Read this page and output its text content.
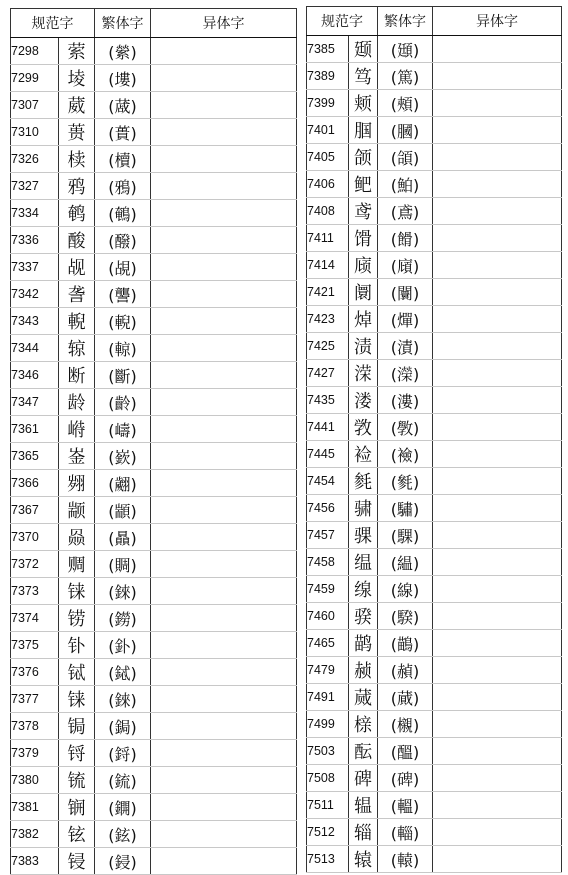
规范字		繁体字	异体字
7298	萦	(縈)	
7299	堎	(塿)	
7307	葳	(蒧)	
7310	蒉	(蕢)	
7326	椟	(櫝)	
7327	鸦	(鴉)	
7334	鹌	(鵪)	
7336	酸	(醱)	
7337	觇	(覘)	
7342	詟	(讋)	
7343	輗	(輗)	
7344	辌	(輬)	
7346	断	(斷)	
7347	龄	(齡)	
7361	崻	(嶹)	
7365	崟	(嶔)	
7366	翙	(翽)	
7367	颛	(顓)	
7370	赑	(贔)	
7372	赒	(賙)	
7373	铼	(錸)	
7374	铹	(鐒)	
7375	钋	(釙)	
7376	铽	(鋱)	
7377	铼	(錸)	
7378	锔	(鋦)	
7379	锊	(鋝)	
7380	锍	(鋶)	
7381	锎	(鐦)	
7382	铉	(鉉)	
7383	锓	(鋟)	
规范字		繁体字	异体字
7385	颋	(頲)	
7389	笃	(篤)	
7399	颊	(頰)	
7401	腘	(膕)	
7405	颌	(頜)	
7406	鲃	(鮊)	
7408	鸢	(鳶)	
7411	馉	(餶)	
7414	庼	(廎)	
7421	阛	(闤)	
7423	焯	(燀)	
7425	渍	(漬)	
7427	溁	(濚)	
7435	溇	(漊)	
7441	敩	(斆)	
7445	裣	(襝)	
7454	毵	(毿)	
7456	骕	(驌)	
7457	骒	(騍)	
7458	缊	(緼)	
7459	缐	(線)	
7460	骙	(騤)	
7465	鹋	(鶓)	
7479	赪	(赬)	
7491	蒇	(蕆)	
7499	榇	(櫬)	
7503	酝	(醞)	
7508	碑	(碑)	
7511	辒	(轀)	
7512	辎	(輜)	
7513	辕	(轅)	
